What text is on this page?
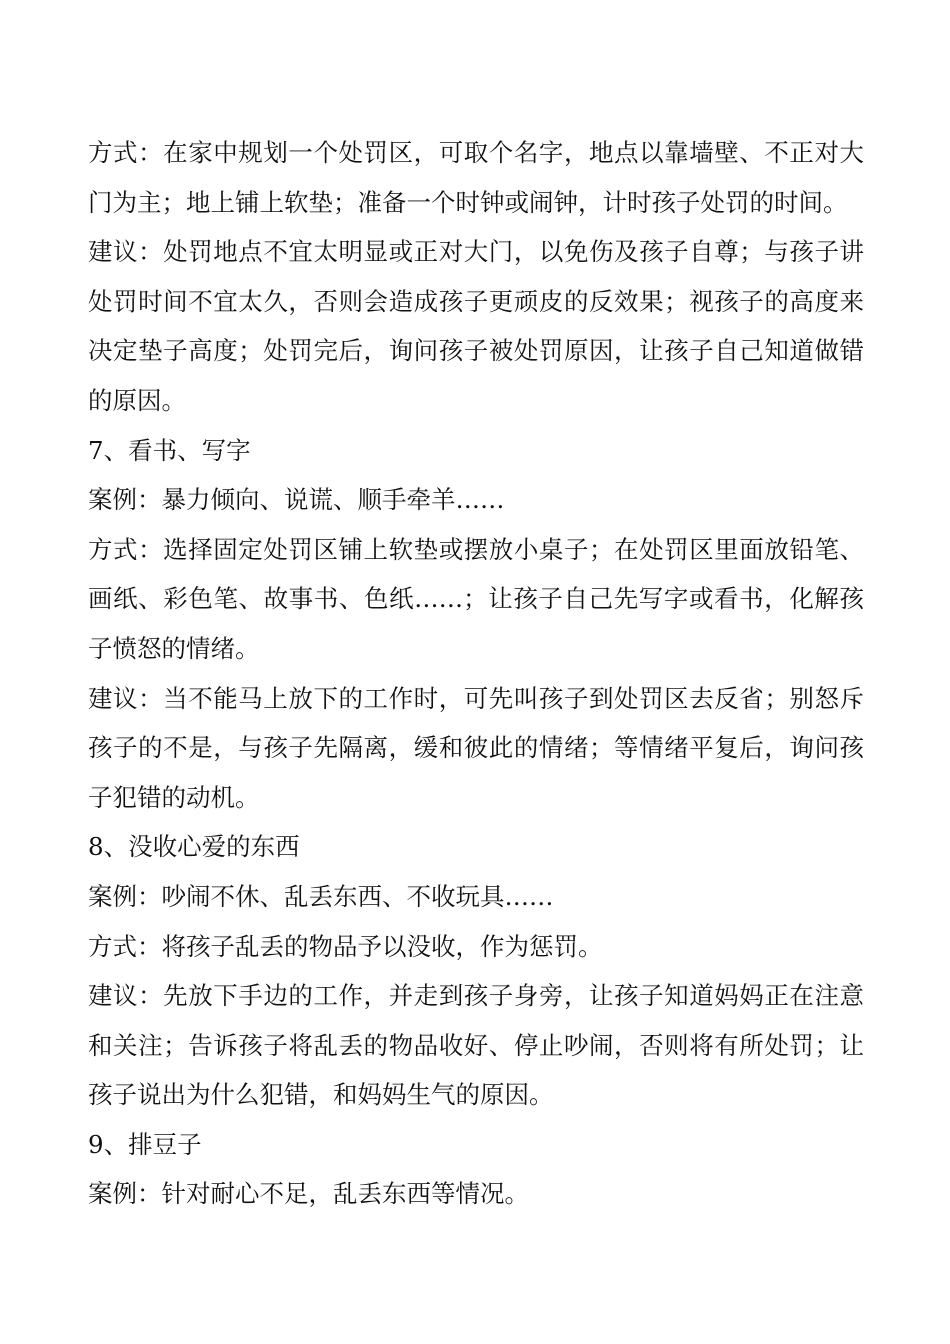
方式：在家中规划一个处罚区，可取个名字，地点以靠墙壁、不正对大门为主；地上铺上软垫；准备一个时钟或闹钟，计时孩子处罚的时间。

建议：处罚地点不宜太明显或正对大门，以免伤及孩子自尊；与孩子讲处罚时间不宜太久，否则会造成孩子更顽皮的反效果；视孩子的高度来决定垫子高度；处罚完后，询问孩子被处罚原因，让孩子自己知道做错的原因。

7、看书、写字

案例：暴力倾向、说谎、顺手牵羊……

方式：选择固定处罚区铺上软垫或摆放小桌子；在处罚区里面放铅笔、画纸、彩色笔、故事书、色纸……；让孩子自己先写字或看书，化解孩子愤怒的情绪。

建议：当不能马上放下的工作时，可先叫孩子到处罚区去反省；别怒斥孩子的不是，与孩子先隔离，缓和彼此的情绪；等情绪平复后，询问孩子犯错的动机。

8、没收心爱的东西

案例：吵闹不休、乱丢东西、不收玩具……

方式：将孩子乱丢的物品予以没收，作为惩罚。

建议：先放下手边的工作，并走到孩子身旁，让孩子知道妈妈正在注意和关注；告诉孩子将乱丢的物品收好、停止吵闹，否则将有所处罚；让孩子说出为什么犯错，和妈妈生气的原因。

9、排豆子

案例：针对耐心不足，乱丢东西等情况。
